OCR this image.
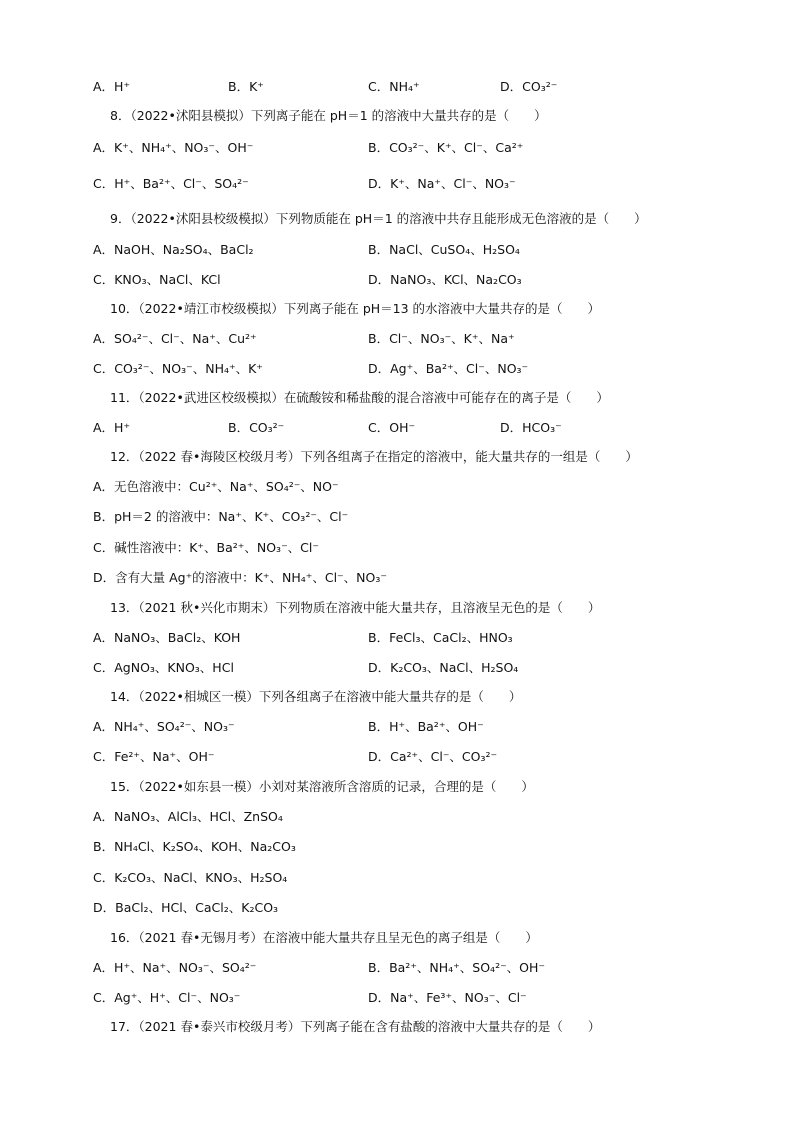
A．H⁺	B．K⁺	C．NH₄⁺	D．CO₃²⁻
8．（2022•沭阳县模拟）下列离子能在 pH＝1 的溶液中大量共存的是（　　）
A．K⁺、NH₄⁺、NO₃⁻、OH⁻	B．CO₃²⁻、K⁺、Cl⁻、Ca²⁺
C．H⁺、Ba²⁺、Cl⁻、SO₄²⁻	D．K⁺、Na⁺、Cl⁻、NO₃⁻
9．（2022•沭阳县校级模拟）下列物质能在 pH＝1 的溶液中共存且能形成无色溶液的是（　　）
A．NaOH、Na₂SO₄、BaCl₂	B．NaCl、CuSO₄、H₂SO₄
C．KNO₃、NaCl、KCl	D．NaNO₃、KCl、Na₂CO₃
10．（2022•靖江市校级模拟）下列离子能在 pH＝13 的水溶液中大量共存的是（　　）
A．SO₄²⁻、Cl⁻、Na⁺、Cu²⁺	B．Cl⁻、NO₃⁻、K⁺、Na⁺
C．CO₃²⁻、NO₃⁻、NH₄⁺、K⁺	D．Ag⁺、Ba²⁺、Cl⁻、NO₃⁻
11．（2022•武进区校级模拟）在硫酸铵和稀盐酸的混合溶液中可能存在的离子是（　　）
A．H⁺	B．CO₃²⁻	C．OH⁻	D．HCO₃⁻
12．（2022 春•海陵区校级月考）下列各组离子在指定的溶液中，能大量共存的一组是（　　）
A．无色溶液中：Cu²⁺、Na⁺、SO₄²⁻、NO⁻
B．pH＝2 的溶液中：Na⁺、K⁺、CO₃²⁻、Cl⁻
C．碱性溶液中：K⁺、Ba²⁺、NO₃⁻、Cl⁻
D．含有大量 Ag⁺的溶液中：K⁺、NH₄⁺、Cl⁻、NO₃⁻
13．（2021 秋•兴化市期末）下列物质在溶液中能大量共存，且溶液呈无色的是（　　）
A．NaNO₃、BaCl₂、KOH	B．FeCl₃、CaCl₂、HNO₃
C．AgNO₃、KNO₃、HCl	D．K₂CO₃、NaCl、H₂SO₄
14．（2022•相城区一模）下列各组离子在溶液中能大量共存的是（　　）
A．NH₄⁺、SO₄²⁻、NO₃⁻	B．H⁺、Ba²⁺、OH⁻
C．Fe²⁺、Na⁺、OH⁻	D．Ca²⁺、Cl⁻、CO₃²⁻
15．（2022•如东县一模）小刘对某溶液所含溶质的记录，合理的是（　　）
A．NaNO₃、AlCl₃、HCl、ZnSO₄
B．NH₄Cl、K₂SO₄、KOH、Na₂CO₃
C．K₂CO₃、NaCl、KNO₃、H₂SO₄
D．BaCl₂、HCl、CaCl₂、K₂CO₃
16．（2021 春•无锡月考）在溶液中能大量共存且呈无色的离子组是（　　）
A．H⁺、Na⁺、NO₃⁻、SO₄²⁻	B．Ba²⁺、NH₄⁺、SO₄²⁻、OH⁻
C．Ag⁺、H⁺、Cl⁻、NO₃⁻	D．Na⁺、Fe³⁺、NO₃⁻、Cl⁻
17．（2021 春•泰兴市校级月考）下列离子能在含有盐酸的溶液中大量共存的是（　　）
